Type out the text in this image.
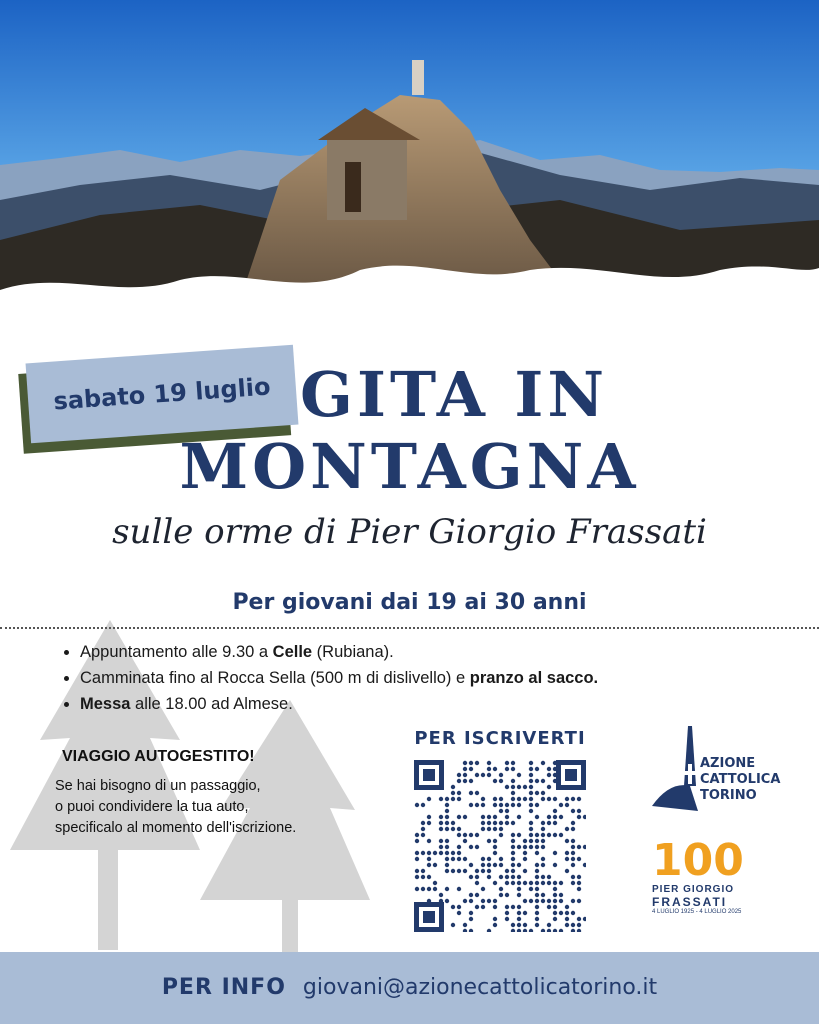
sabato 19 luglio GITA IN
MONTAGNA
sulle orme di Pier Giorgio Frassati
Per giovani dai 19 ai 30 anni
• Appuntamento alle 9.30 a Celle (Rubiana).
• Camminata fino al Rocca Sella (500 m di dislivello) e pranzo al sacco.
• Messa alle 18.00 ad Almese.
VIAGGIO AUTOGESTITO!
Se hai bisogno di un passaggio,
o puoi condividere la tua auto,
specificalo al momento dell'iscrizione.
PER ISCRIVERTI
AZIONE
CATTOLICA
TORINO
100
PIER GIORGIO
FRASSATI
4 LUGLIO 1925 - 4 LUGLIO 2025
PER INFO giovani@azionecattolicatorino.it
